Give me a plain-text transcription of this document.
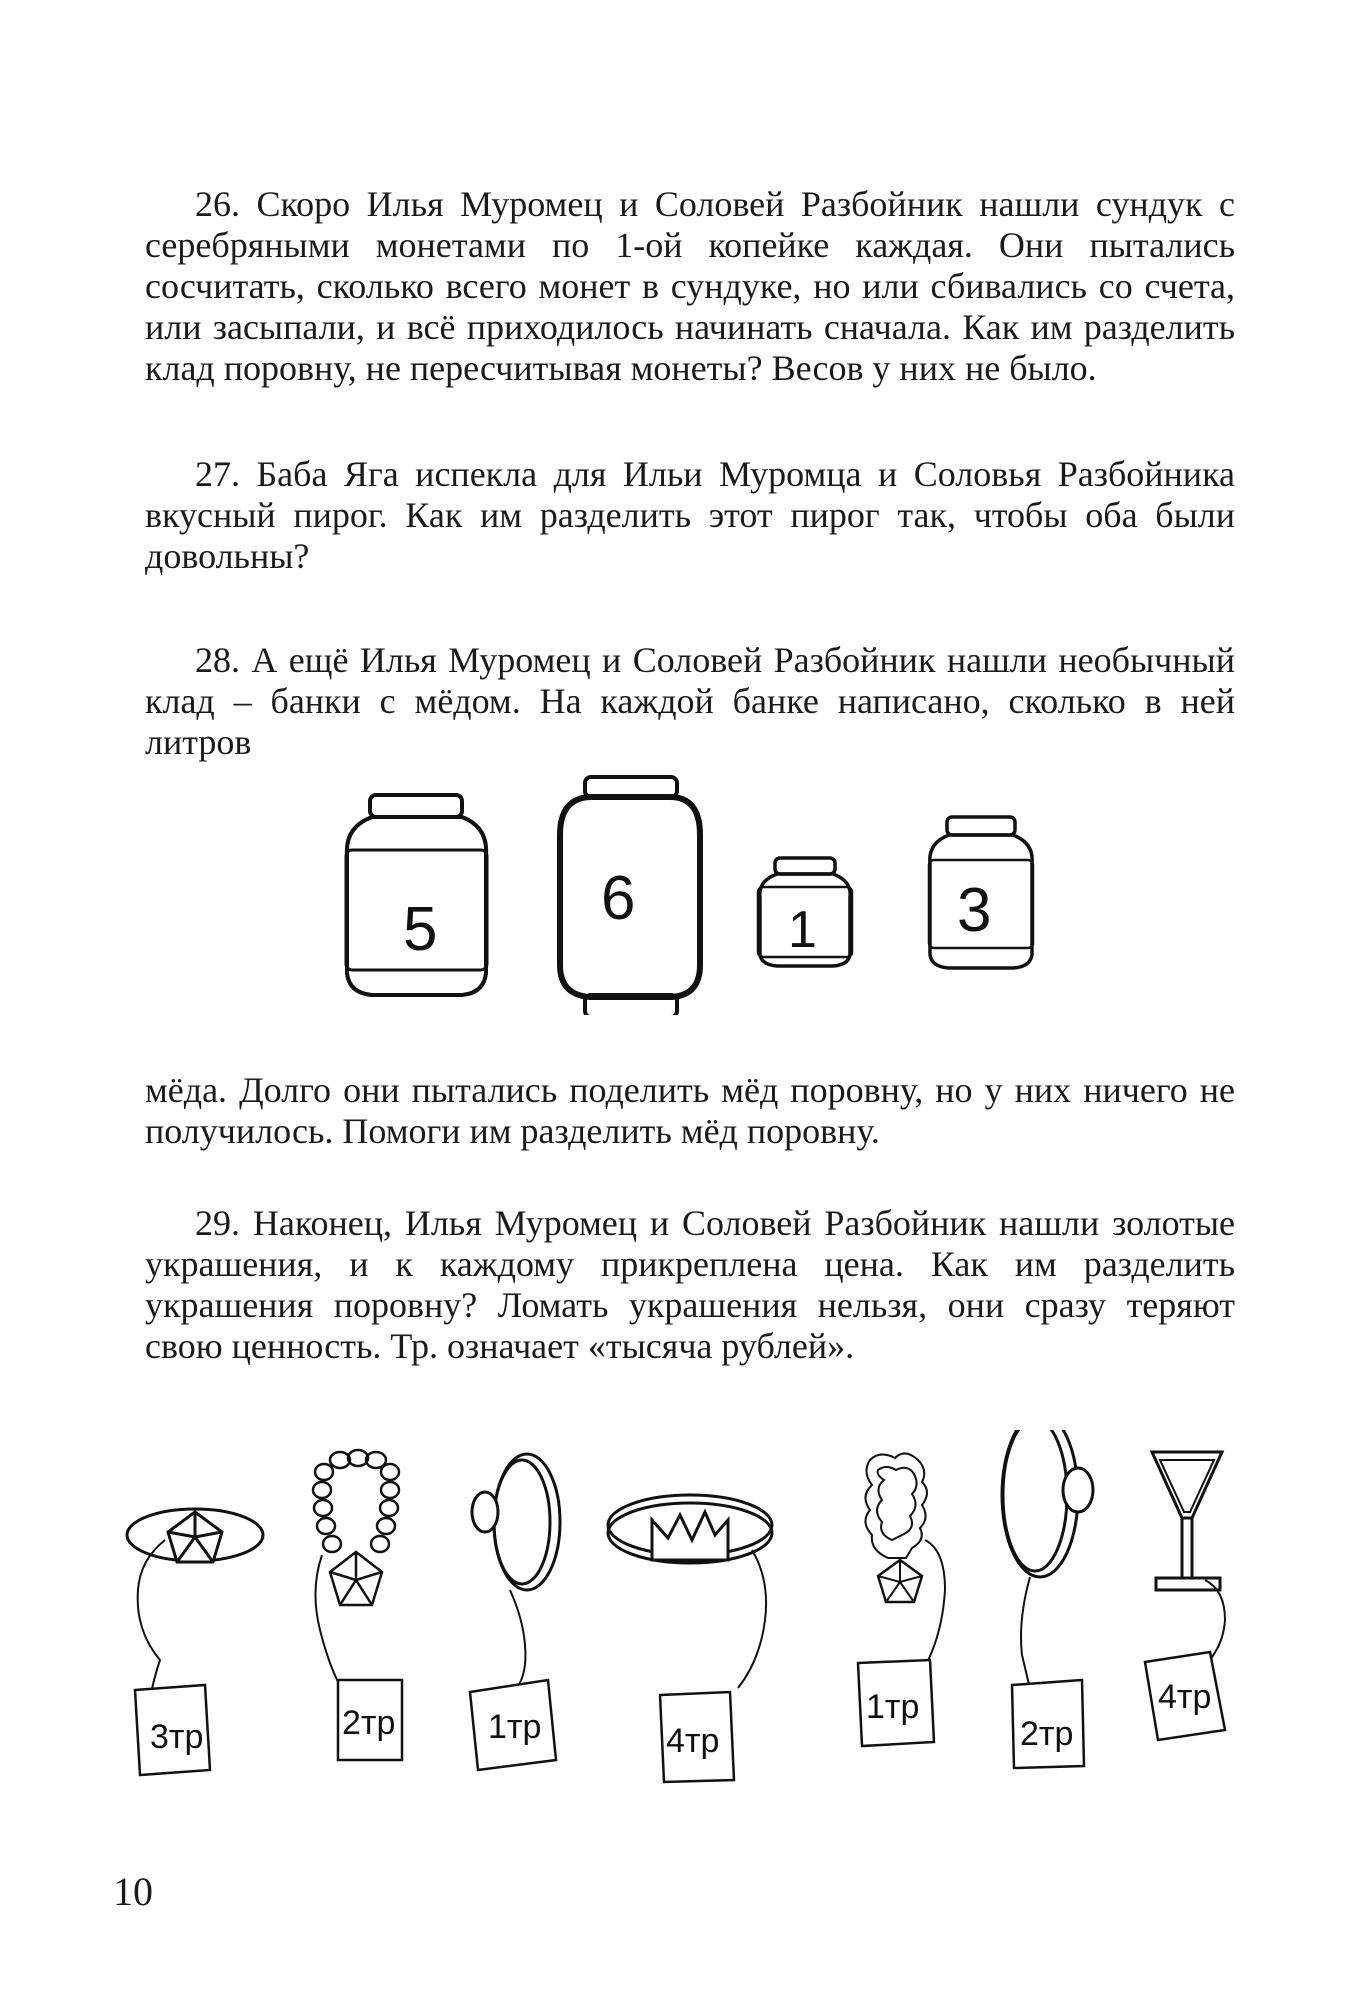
26. Скоро Илья Муромец и Соловей Разбойник нашли сундук с серебряными монетами по 1-ой копейке каждая. Они пытались сосчитать, сколько всего монет в сундуке, но или сбивались со счета, или засыпали, и всё приходилось начинать сначала. Как им разделить клад поровну, не пересчитывая монеты? Весов у них не было.

27. Баба Яга испекла для Ильи Муромца и Соловья Разбойника вкусный пирог. Как им разделить этот пирог так, чтобы оба были довольны?

28. А ещё Илья Муромец и Соловей Разбойник нашли необычный клад – банки с мёдом. На каждой банке написано, сколько в ней литров

5	6	1 3

мёда. Долго они пытались поделить мёд поровну, но у них ничего не получилось. Помоги им разделить мёд поровну.

29. Наконец, Илья Муромец и Соловей Разбойник нашли золотые украшения, и к каждому прикреплена цена. Как им разделить украшения поровну? Ломать украшения нельзя, они сразу теряют свою ценность. Тр. означает «тысяча рублей».

3тр	2тр	1тр	4тр
1тр
2тр
4тр

10
